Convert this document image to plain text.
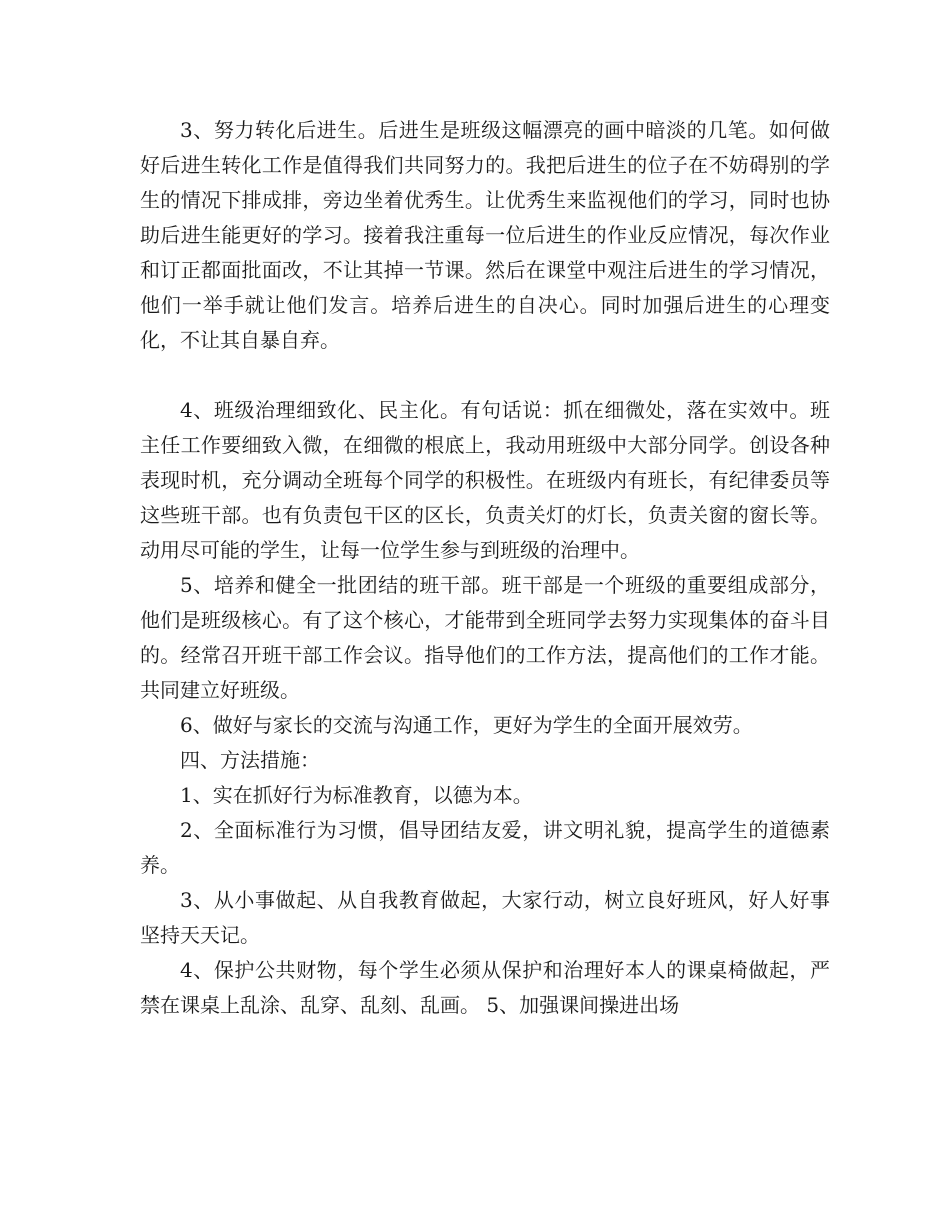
3、努力转化后进生。后进生是班级这幅漂亮的画中暗淡的几笔。如何做好后进生转化工作是值得我们共同努力的。我把后进生的位子在不妨碍别的学生的情况下排成排，旁边坐着优秀生。让优秀生来监视他们的学习，同时也协助后进生能更好的学习。接着我注重每一位后进生的作业反应情况，每次作业和订正都面批面改，不让其掉一节课。然后在课堂中观注后进生的学习情况，他们一举手就让他们发言。培养后进生的自决心。同时加强后进生的心理变化，不让其自暴自弃。

4、班级治理细致化、民主化。有句话说：抓在细微处，落在实效中。班主任工作要细致入微，在细微的根底上，我动用班级中大部分同学。创设各种表现时机，充分调动全班每个同学的积极性。在班级内有班长，有纪律委员等这些班干部。也有负责包干区的区长，负责关灯的灯长，负责关窗的窗长等。动用尽可能的学生，让每一位学生参与到班级的治理中。

5、培养和健全一批团结的班干部。班干部是一个班级的重要组成部分，他们是班级核心。有了这个核心，才能带到全班同学去努力实现集体的奋斗目的。经常召开班干部工作会议。指导他们的工作方法，提高他们的工作才能。共同建立好班级。

6、做好与家长的交流与沟通工作，更好为学生的全面开展效劳。

四、方法措施：

1、实在抓好行为标准教育，以德为本。

2、全面标准行为习惯，倡导团结友爱，讲文明礼貌，提高学生的道德素养。

3、从小事做起、从自我教育做起，大家行动，树立良好班风，好人好事坚持天天记。

4、保护公共财物，每个学生必须从保护和治理好本人的课桌椅做起，严禁在课桌上乱涂、乱穿、乱刻、乱画。 5、加强课间操进出场
